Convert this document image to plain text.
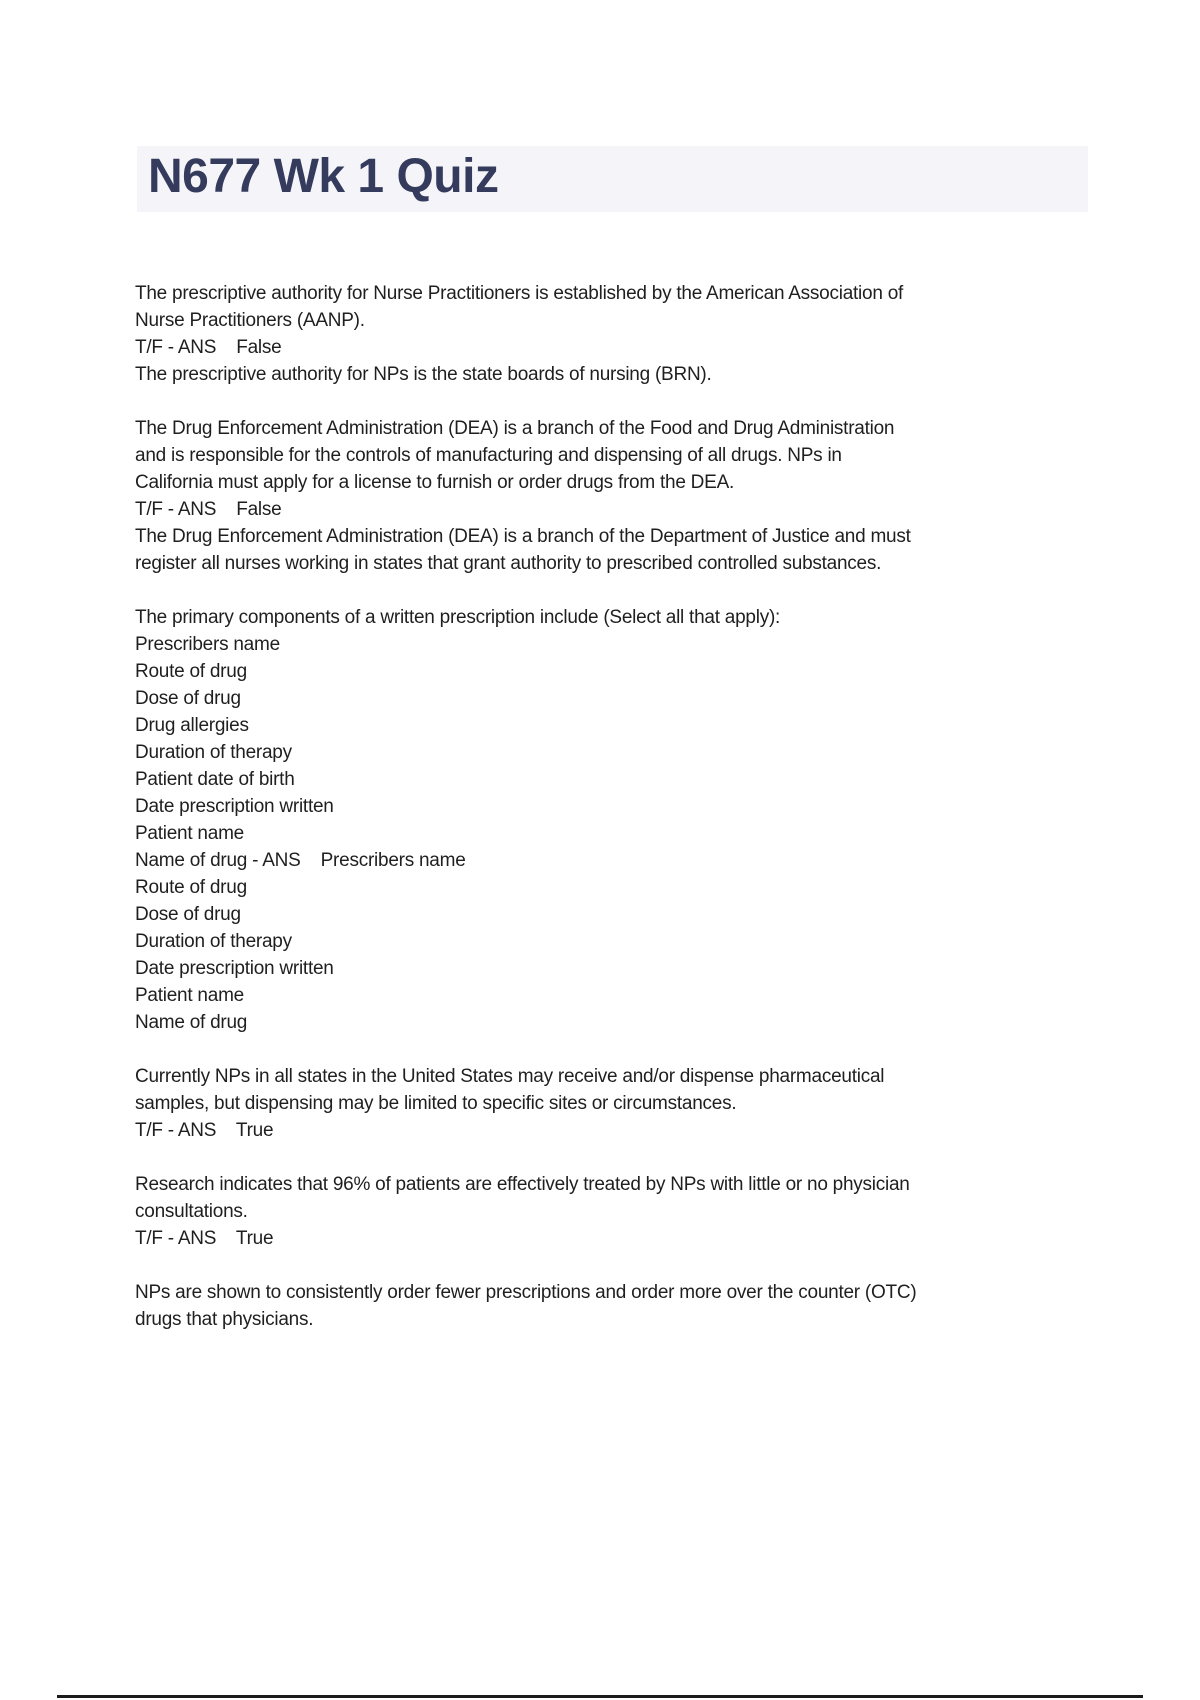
N677 Wk 1 Quiz
The prescriptive authority for Nurse Practitioners is established by the American Association of
Nurse Practitioners (AANP).
T/F - ANS    False
The prescriptive authority for NPs is the state boards of nursing (BRN).
The Drug Enforcement Administration (DEA) is a branch of the Food and Drug Administration
and is responsible for the controls of manufacturing and dispensing of all drugs. NPs in
California must apply for a license to furnish or order drugs from the DEA.
T/F - ANS    False
The Drug Enforcement Administration (DEA) is a branch of the Department of Justice and must
register all nurses working in states that grant authority to prescribed controlled substances.
The primary components of a written prescription include (Select all that apply):
Prescribers name
Route of drug
Dose of drug
Drug allergies
Duration of therapy
Patient date of birth
Date prescription written
Patient name
Name of drug - ANS    Prescribers name
Route of drug
Dose of drug
Duration of therapy
Date prescription written
Patient name
Name of drug
Currently NPs in all states in the United States may receive and/or dispense pharmaceutical
samples, but dispensing may be limited to specific sites or circumstances.
T/F - ANS    True
Research indicates that 96% of patients are effectively treated by NPs with little or no physician
consultations.
T/F - ANS    True
NPs are shown to consistently order fewer prescriptions and order more over the counter (OTC)
drugs that physicians.
